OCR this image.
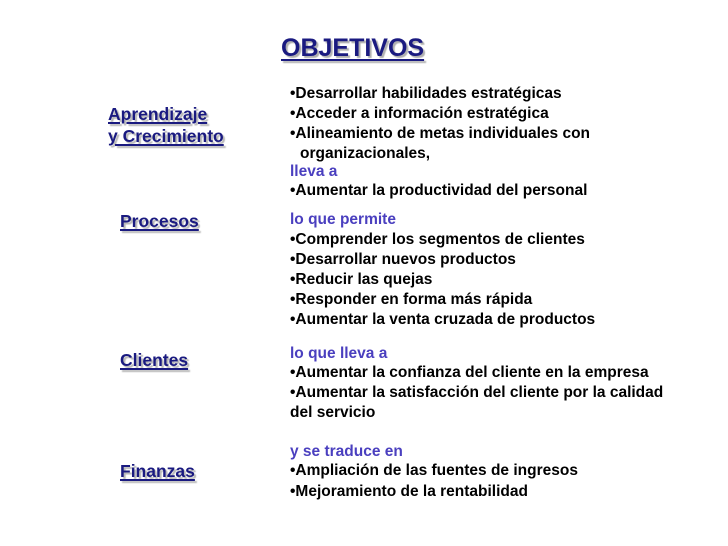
OBJETIVOS
Aprendizaje
y Crecimiento
Procesos
Clientes
Finanzas
•Desarrollar habilidades estratégicas
•Acceder a información estratégica
•Alineamiento de metas individuales con
organizacionales,
lleva a
•Aumentar la productividad del personal
lo que permite
•Comprender los segmentos de clientes
•Desarrollar nuevos productos
•Reducir las quejas
•Responder en forma más rápida
•Aumentar la venta cruzada de productos
lo que lleva a
•Aumentar la confianza del cliente en la empresa
•Aumentar la satisfacción del cliente por la calidad
del servicio
y se traduce en
•Ampliación de las fuentes de ingresos
•Mejoramiento de la rentabilidad
